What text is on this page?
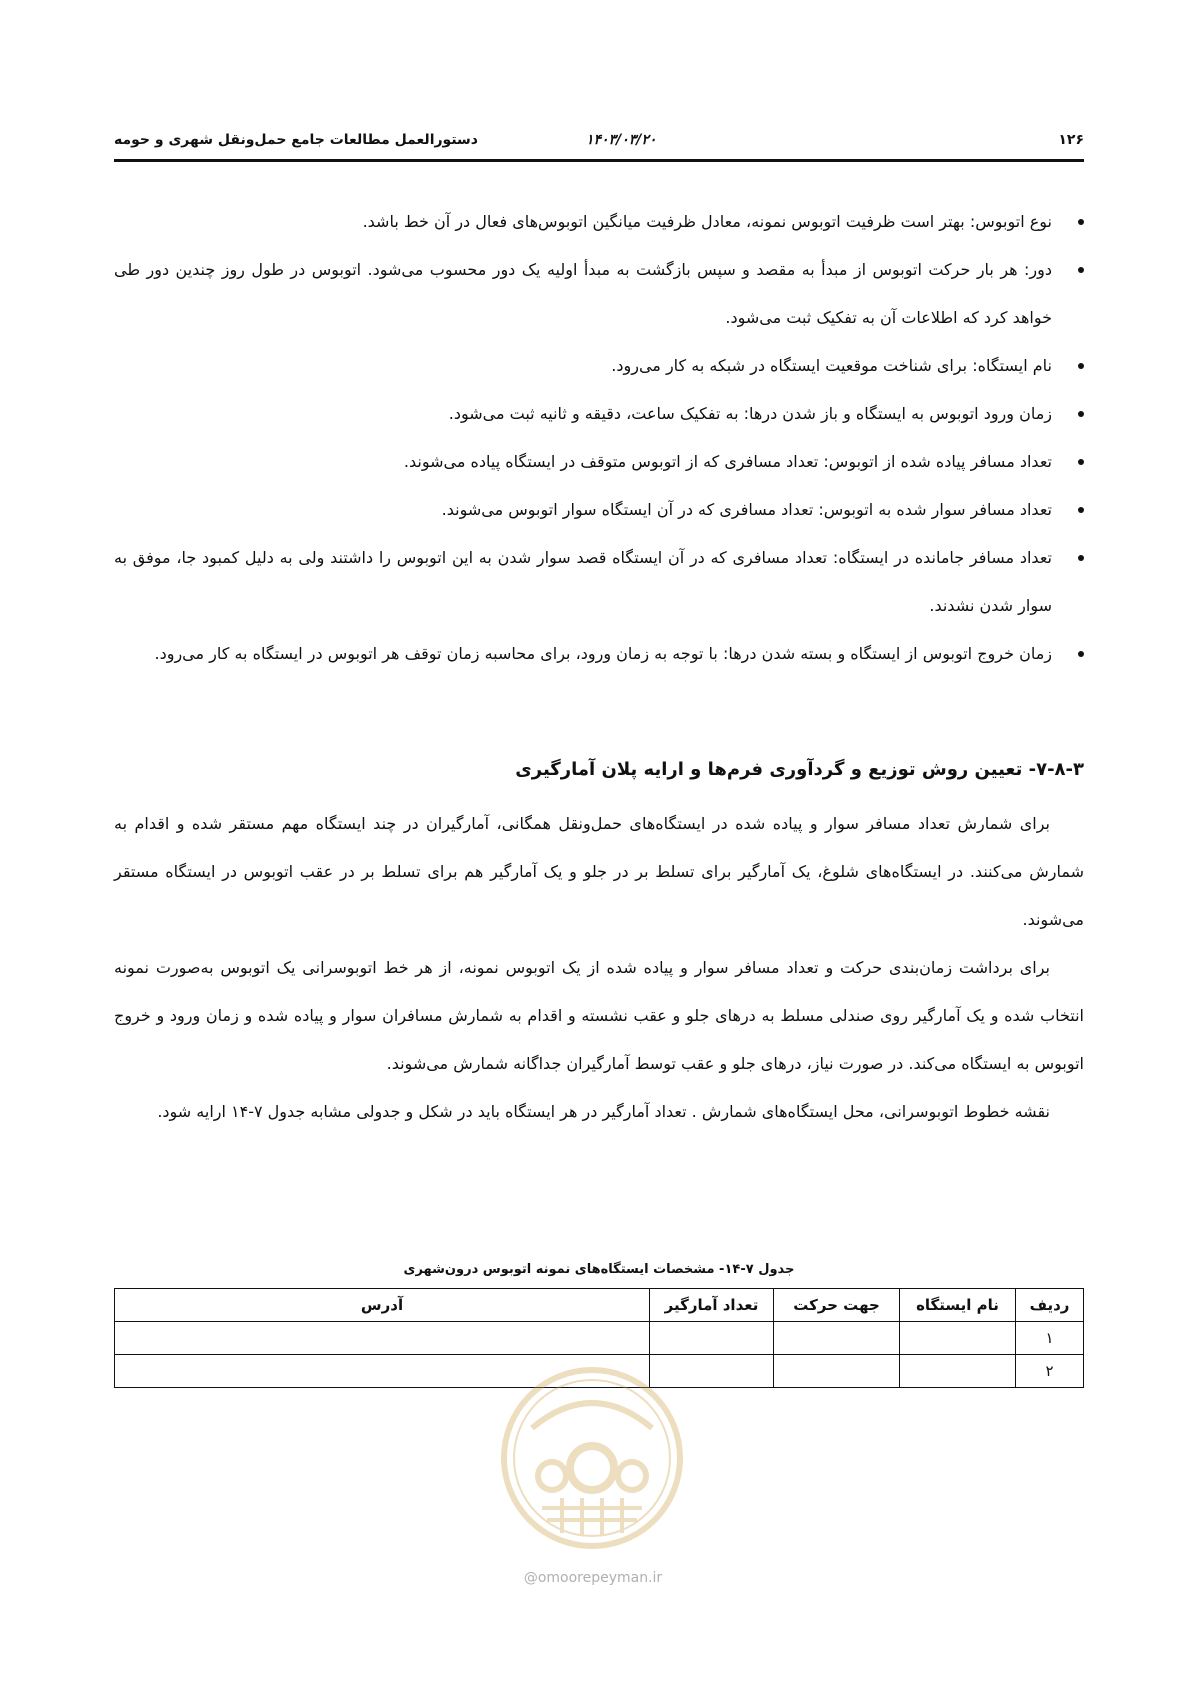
۱۲۶
۱۴۰۳/۰۳/۲۰
دستورالعمل مطالعات جامع حمل‌ونقل شهری و حومه
نوع اتوبوس: بهتر است ظرفیت اتوبوس نمونه، معادل ظرفیت میانگین اتوبوس‌های فعال در آن خط باشد.
دور: هر بار حرکت اتوبوس از مبدأ به مقصد و سپس بازگشت به مبدأ اولیه یک دور محسوب می‌شود. اتوبوس در طول روز چندین دور طی خواهد کرد که اطلاعات آن به تفکیک ثبت می‌شود.
نام ایستگاه: برای شناخت موقعیت ایستگاه در شبکه به کار می‌رود.
زمان ورود اتوبوس به ایستگاه و باز شدن درها: به تفکیک ساعت، دقیقه و ثانیه ثبت می‌شود.
تعداد مسافر پیاده شده از اتوبوس: تعداد مسافری که از اتوبوس متوقف در ایستگاه پیاده می‌شوند.
تعداد مسافر سوار شده به اتوبوس: تعداد مسافری که در آن ایستگاه سوار اتوبوس می‌شوند.
تعداد مسافر جامانده در ایستگاه: تعداد مسافری که در آن ایستگاه قصد سوار شدن به این اتوبوس را داشتند ولی به دلیل کمبود جا، موفق به سوار شدن نشدند.
زمان خروج اتوبوس از ایستگاه و بسته شدن درها: با توجه به زمان ورود، برای محاسبه زمان توقف هر اتوبوس در ایستگاه به کار می‌رود.
۷-۸-۳- تعیین روش توزیع و گردآوری فرم‌ها و ارایه پلان آمارگیری

برای شمارش تعداد مسافر سوار و پیاده شده در ایستگاه‌های حمل‌ونقل همگانی، آمارگیران در چند ایستگاه مهم مستقر شده و اقدام به شمارش می‌کنند. در ایستگاه‌های شلوغ، یک آمارگیر برای تسلط بر در جلو و یک آمارگیر هم برای تسلط بر در عقب اتوبوس در ایستگاه مستقر می‌شوند.

برای برداشت زمان‌بندی حرکت و تعداد مسافر سوار و پیاده شده از یک اتوبوس نمونه، از هر خط اتوبوسرانی یک اتوبوس به‌صورت نمونه انتخاب شده و یک آمارگیر روی صندلی مسلط به درهای جلو و عقب نشسته و اقدام به شمارش مسافران سوار و پیاده شده و زمان ورود و خروج اتوبوس به ایستگاه می‌کند. در صورت نیاز، درهای جلو و عقب توسط آمارگیران جداگانه شمارش می‌شوند.

نقشه خطوط اتوبوسرانی، محل ایستگاه‌های شمارش . تعداد آمارگیر در هر ایستگاه باید در شکل و جدولی مشابه جدول ۷-۱۴ ارایه شود.

جدول ۷-۱۴- مشخصات ایستگاه‌های نمونه اتوبوس درون‌شهری
ردیف	نام ایستگاه	جهت حرکت	تعداد آمارگیر	آدرس
۱				
۲				
@omoorepeyman.ir
